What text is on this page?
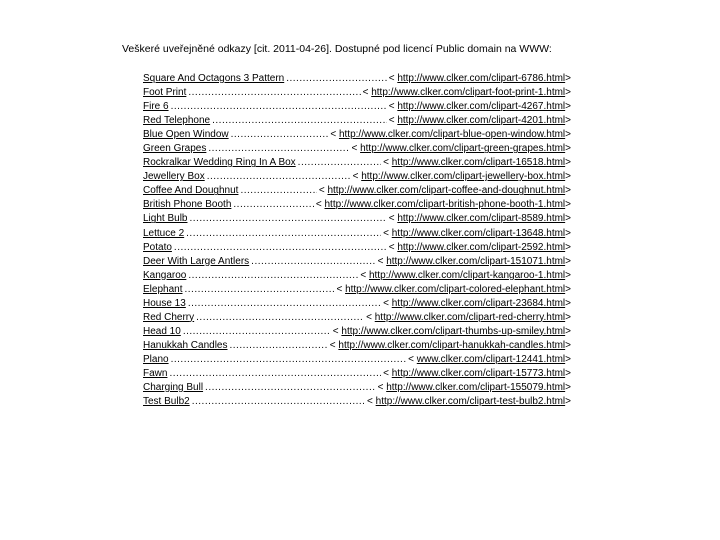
Veškeré uveřejněné odkazy [cit. 2011-04-26]. Dostupné pod licencí Public domain na WWW:
Square And Octagons 3 Pattern .....	< http://www.clker.com/clipart-6786.html>
Foot Print .....	< http://www.clker.com/clipart-foot-print-1.html>
Fire 6 .....	< http://www.clker.com/clipart-4267.html>
Red Telephone .....	< http://www.clker.com/clipart-4201.html>
Blue Open Window .....	< http://www.clker.com/clipart-blue-open-window.html>
Green Grapes .....	< http://www.clker.com/clipart-green-grapes.html>
Rockralkar Wedding Ring In A Box .....	< http://www.clker.com/clipart-16518.html>
Jewellery Box .....	< http://www.clker.com/clipart-jewellery-box.html>
Coffee And Doughnut .....	< http://www.clker.com/clipart-coffee-and-doughnut.html>
British Phone Booth .....	< http://www.clker.com/clipart-british-phone-booth-1.html>
Light Bulb .....	< http://www.clker.com/clipart-8589.html>
Lettuce 2 .....	< http://www.clker.com/clipart-13648.html>
Potato .....	< http://www.clker.com/clipart-2592.html>
Deer With Large Antlers .....	< http://www.clker.com/clipart-151071.html>
Kangaroo .....	< http://www.clker.com/clipart-kangaroo-1.html>
Elephant .....	< http://www.clker.com/clipart-colored-elephant.html>
House 13 .....	< http://www.clker.com/clipart-23684.html>
Red Cherry .....	< http://www.clker.com/clipart-red-cherry.html>
Head 10 .....	< http://www.clker.com/clipart-thumbs-up-smiley.html>
Hanukkah Candles .....	< http://www.clker.com/clipart-hanukkah-candles.html>
Plano .....	< www.clker.com/clipart-12441.html>
Fawn .....	< http://www.clker.com/clipart-15773.html>
Charging Bull .....	< http://www.clker.com/clipart-155079.html>
Test Bulb2 .....	< http://www.clker.com/clipart-test-bulb2.html>
